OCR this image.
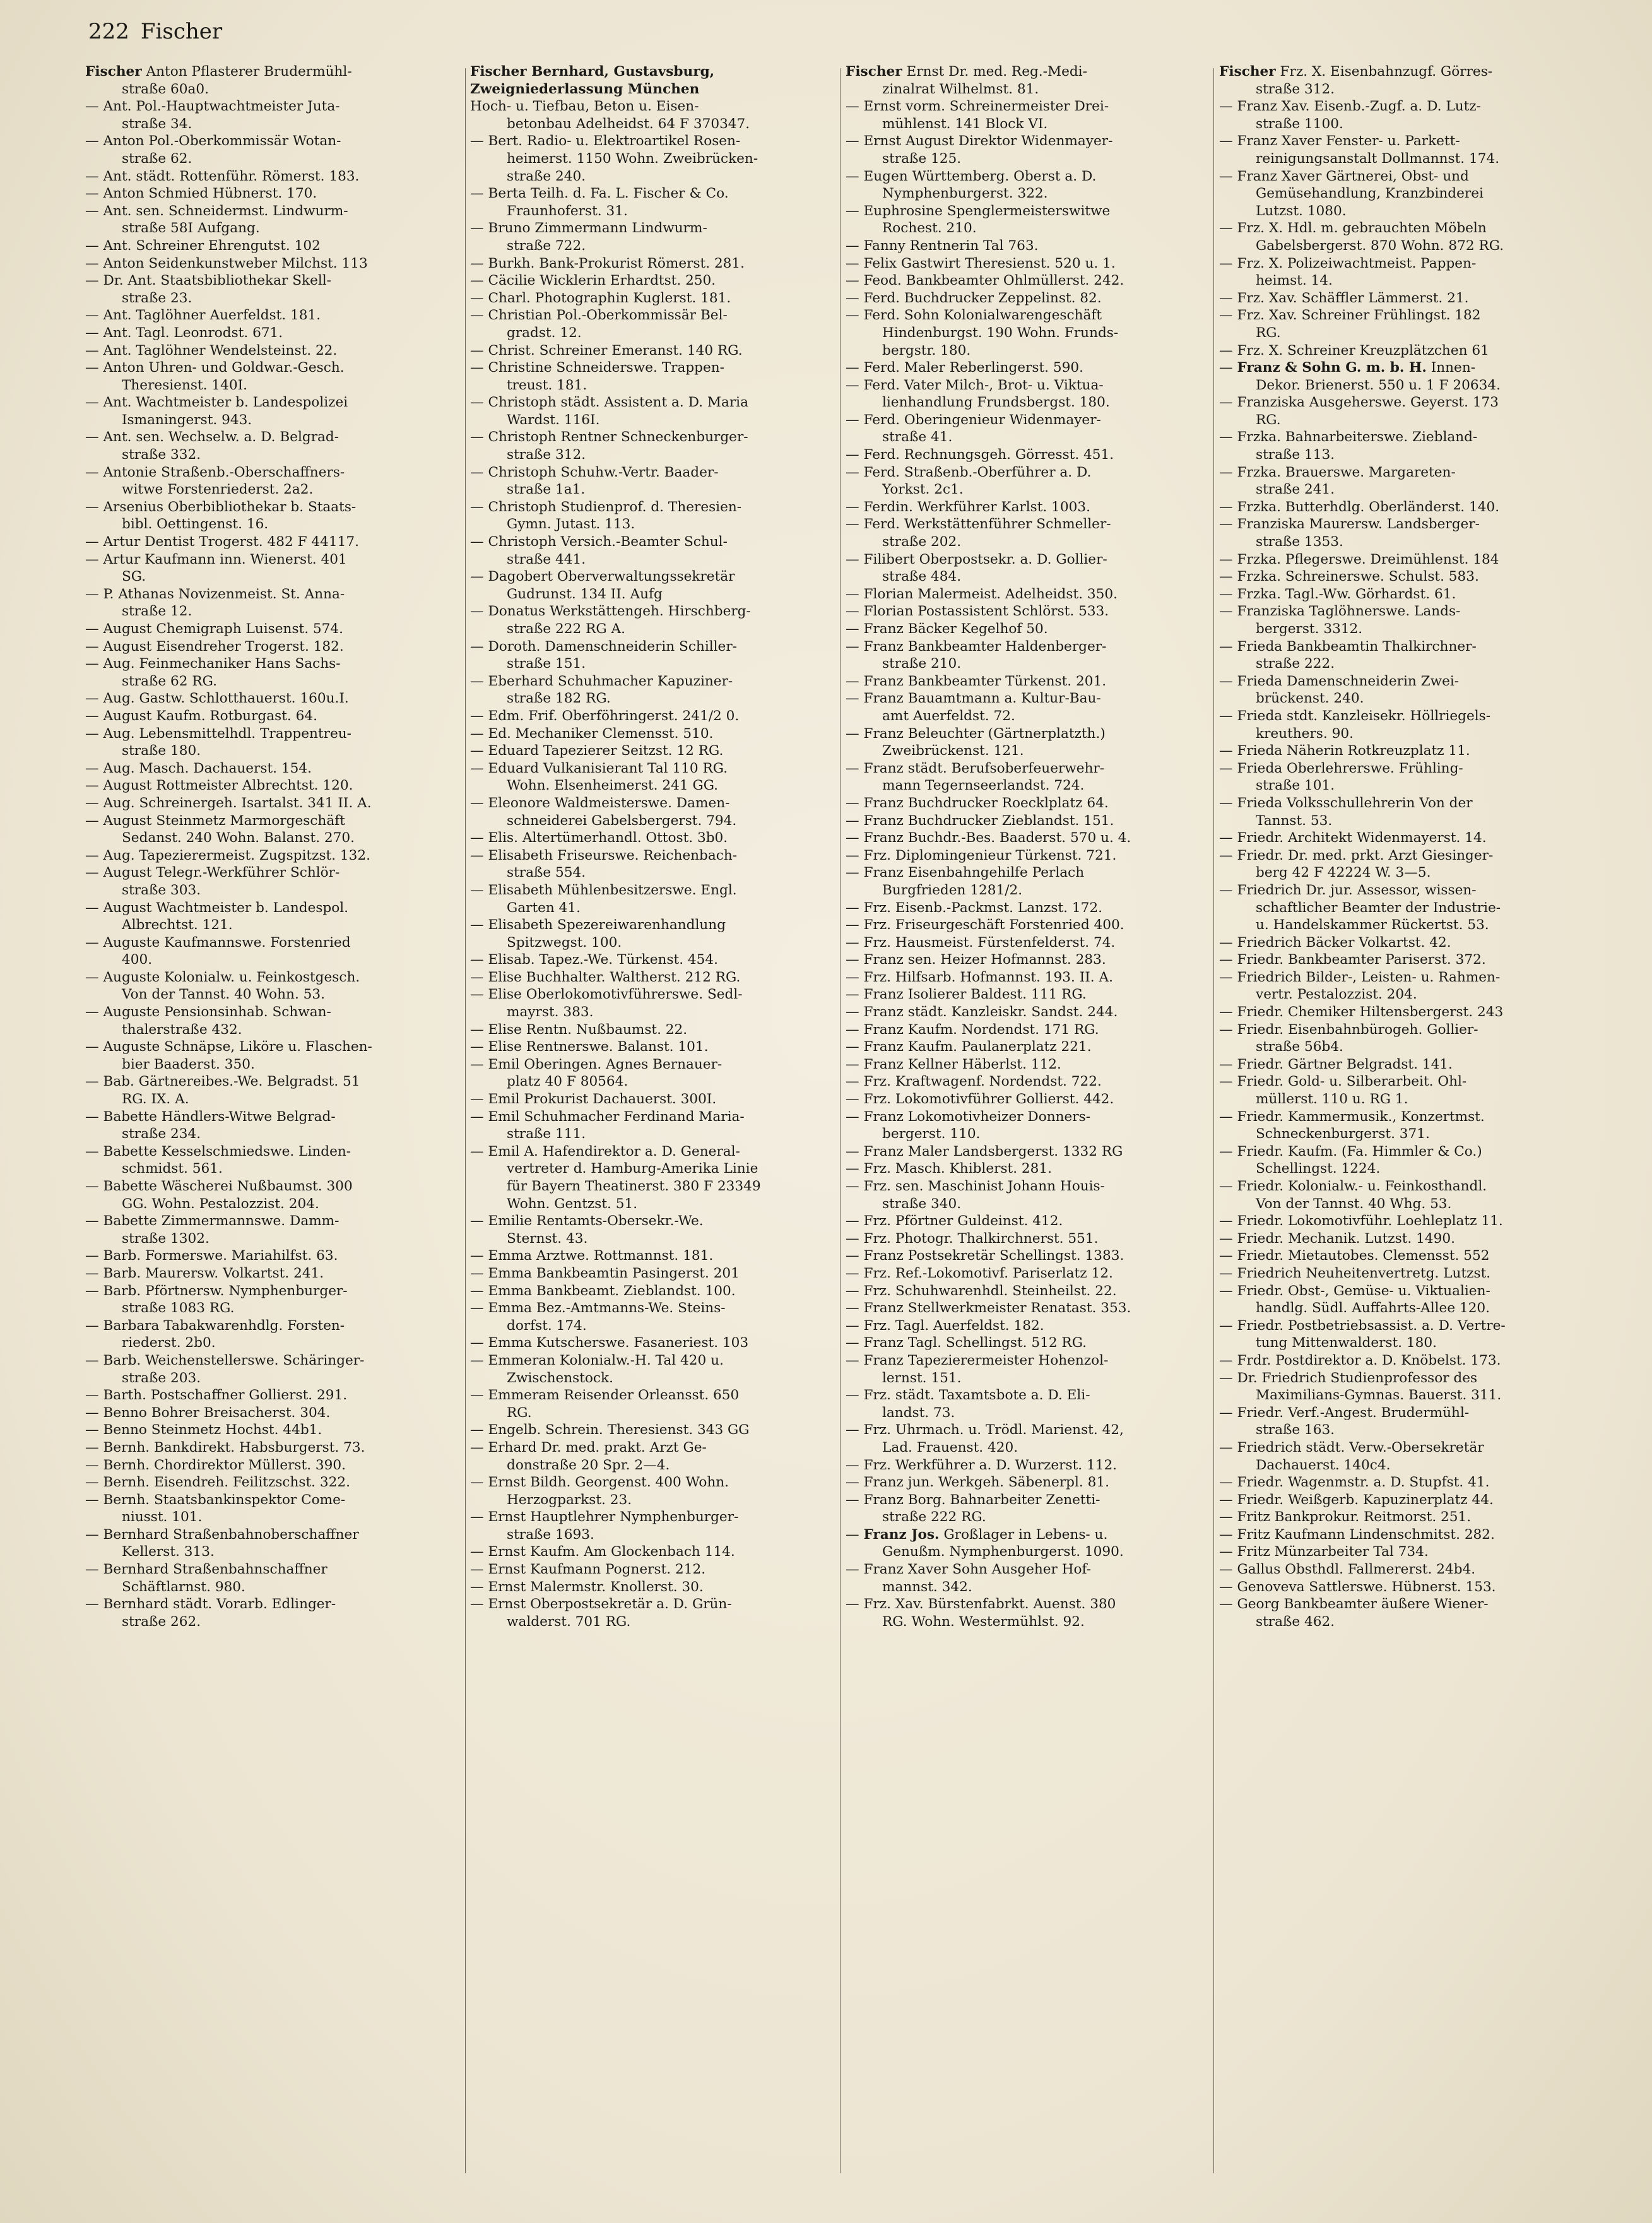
222 Fischer
Fischer Anton Pflasterer Brudermühl-
straße 60a0.
— Ant. Pol.-Hauptwachtmeister Juta-
straße 34.
— Anton Pol.-Oberkommissär Wotan-
straße 62.
— Ant. städt. Rottenführ. Römerst. 183.
— Anton Schmied Hübnerst. 170.
— Ant. sen. Schneidermst. Lindwurm-
straße 58I Aufgang.
— Ant. Schreiner Ehrengutst. 102
— Anton Seidenkunstweber Milchst. 113
— Dr. Ant. Staatsbibliothekar Skell-
straße 23.
— Ant. Taglöhner Auerfeldst. 181.
— Ant. Tagl. Leonrodst. 671.
— Ant. Taglöhner Wendelsteinst. 22.
— Anton Uhren- und Goldwar.-Gesch.
Theresienst. 140I.
— Ant. Wachtmeister b. Landespolizei
Ismaningerst. 943.
— Ant. sen. Wechselw. a. D. Belgrad-
straße 332.
— Antonie Straßenb.-Oberschaffners-
witwe Forstenriederst. 2a2.
— Arsenius Oberbibliothekar b. Staats-
bibl. Oettingenst. 16.
— Artur Dentist Trogerst. 482 F 44117.
— Artur Kaufmann inn. Wienerst. 401
SG.
— P. Athanas Novizenmeist. St. Anna-
straße 12.
— August Chemigraph Luisenst. 574.
— August Eisendreher Trogerst. 182.
— Aug. Feinmechaniker Hans Sachs-
straße 62 RG.
— Aug. Gastw. Schlotthauerst. 160u.I.
— August Kaufm. Rotburgast. 64.
— Aug. Lebensmittelhdl. Trappentreu-
straße 180.
— Aug. Masch. Dachauerst. 154.
— August Rottmeister Albrechtst. 120.
— Aug. Schreinergeh. Isartalst. 341 II. A.
— August Steinmetz Marmorgeschäft
Sedanst. 240 Wohn. Balanst. 270.
— Aug. Tapezierermeist. Zugspitzst. 132.
— August Telegr.-Werkführer Schlör-
straße 303.
— August Wachtmeister b. Landespol.
Albrechtst. 121.
— Auguste Kaufmannswe. Forstenried
400.
— Auguste Kolonialw. u. Feinkostgesch.
Von der Tannst. 40 Wohn. 53.
— Auguste Pensionsinhab. Schwan-
thalerstraße 432.
— Auguste Schnäpse, Liköre u. Flaschen-
bier Baaderst. 350.
— Bab. Gärtnereibes.-We. Belgradst. 51
RG. IX. A.
— Babette Händlers-Witwe Belgrad-
straße 234.
— Babette Kesselschmiedswe. Linden-
schmidst. 561.
— Babette Wäscherei Nußbaumst. 300
GG. Wohn. Pestalozzist. 204.
— Babette Zimmermannswe. Damm-
straße 1302.
— Barb. Formerswe. Mariahilfst. 63.
— Barb. Maurersw. Volkartst. 241.
— Barb. Pförtnersw. Nymphenburger-
straße 1083 RG.
— Barbara Tabakwarenhdlg. Forsten-
riederst. 2b0.
— Barb. Weichenstellerswe. Schäringer-
straße 203.
— Barth. Postschaffner Gollierst. 291.
— Benno Bohrer Breisacherst. 304.
— Benno Steinmetz Hochst. 44b1.
— Bernh. Bankdirekt. Habsburgerst. 73.
— Bernh. Chordirektor Müllerst. 390.
— Bernh. Eisendreh. Feilitzschst. 322.
— Bernh. Staatsbankinspektor Come-
niusst. 101.
— Bernhard Straßenbahnoberschaffner
Kellerst. 313.
— Bernhard Straßenbahnschaffner
Schäftlarnst. 980.
— Bernhard städt. Vorarb. Edlinger-
straße 262.
Fischer Bernhard, Gustavsburg,
Zweigniederlassung München
Hoch- u. Tiefbau, Beton u. Eisen-
betonbau Adelheidst. 64 F 370347.
— Bert. Radio- u. Elektroartikel Rosen-
heimerst. 1150 Wohn. Zweibrücken-
straße 240.
— Berta Teilh. d. Fa. L. Fischer & Co.
Fraunhoferst. 31.
— Bruno Zimmermann Lindwurm-
straße 722.
— Burkh. Bank-Prokurist Römerst. 281.
— Cäcilie Wicklerin Erhardtst. 250.
— Charl. Photographin Kuglerst. 181.
— Christian Pol.-Oberkommissär Bel-
gradst. 12.
— Christ. Schreiner Emeranst. 140 RG.
— Christine Schneiderswe. Trappen-
treust. 181.
— Christoph städt. Assistent a. D. Maria
Wardst. 116I.
— Christoph Rentner Schneckenburger-
straße 312.
— Christoph Schuhw.-Vertr. Baader-
straße 1a1.
— Christoph Studienprof. d. Theresien-
Gymn. Jutast. 113.
— Christoph Versich.-Beamter Schul-
straße 441.
— Dagobert Oberverwaltungssekretär
Gudrunst. 134 II. Aufg
— Donatus Werkstättengeh. Hirschberg-
straße 222 RG A.
— Doroth. Damenschneiderin Schiller-
straße 151.
— Eberhard Schuhmacher Kapuziner-
straße 182 RG.
— Edm. Frif. Oberföhringerst. 241/2 0.
— Ed. Mechaniker Clemensst. 510.
— Eduard Tapezierer Seitzst. 12 RG.
— Eduard Vulkanisierant Tal 110 RG.
Wohn. Elsenheimerst. 241 GG.
— Eleonore Waldmeisterswe. Damen-
schneiderei Gabelsbergerst. 794.
— Elis. Altertümerhandl. Ottost. 3b0.
— Elisabeth Friseurswe. Reichenbach-
straße 554.
— Elisabeth Mühlenbesitzerswe. Engl.
Garten 41.
— Elisabeth Spezereiwarenhandlung
Spitzwegst. 100.
— Elisab. Tapez.-We. Türkenst. 454.
— Elise Buchhalter. Waltherst. 212 RG.
— Elise Oberlokomotivführerswe. Sedl-
mayrst. 383.
— Elise Rentn. Nußbaumst. 22.
— Elise Rentnerswe. Balanst. 101.
— Emil Oberingen. Agnes Bernauer-
platz 40 F 80564.
— Emil Prokurist Dachauerst. 300I.
— Emil Schuhmacher Ferdinand Maria-
straße 111.
— Emil A. Hafendirektor a. D. General-
vertreter d. Hamburg-Amerika Linie
für Bayern Theatinerst. 380 F 23349
Wohn. Gentzst. 51.
— Emilie Rentamts-Obersekr.-We.
Sternst. 43.
— Emma Arztwe. Rottmannst. 181.
— Emma Bankbeamtin Pasingerst. 201
— Emma Bankbeamt. Zieblandst. 100.
— Emma Bez.-Amtmanns-We. Steins-
dorfst. 174.
— Emma Kutscherswe. Fasaneriest. 103
— Emmeran Kolonialw.-H. Tal 420 u.
Zwischenstock.
— Emmeram Reisender Orleansst. 650
RG.
— Engelb. Schrein. Theresienst. 343 GG
— Erhard Dr. med. prakt. Arzt Ge-
donstraße 20 Spr. 2—4.
— Ernst Bildh. Georgenst. 400 Wohn.
Herzogparkst. 23.
— Ernst Hauptlehrer Nymphenburger-
straße 1693.
— Ernst Kaufm. Am Glockenbach 114.
— Ernst Kaufmann Pognerst. 212.
— Ernst Malermstr. Knollerst. 30.
— Ernst Oberpostsekretär a. D. Grün-
walderst. 701 RG.
Fischer Ernst Dr. med. Reg.-Medi-
zinalrat Wilhelmst. 81.
— Ernst vorm. Schreinermeister Drei-
mühlenst. 141 Block VI.
— Ernst August Direktor Widenmayer-
straße 125.
— Eugen Württemberg. Oberst a. D.
Nymphenburgerst. 322.
— Euphrosine Spenglermeisterswitwe
Rochest. 210.
— Fanny Rentnerin Tal 763.
— Felix Gastwirt Theresienst. 520 u. 1.
— Feod. Bankbeamter Ohlmüllerst. 242.
— Ferd. Buchdrucker Zeppelinst. 82.
— Ferd. Sohn Kolonialwarengeschäft
Hindenburgst. 190 Wohn. Frunds-
bergstr. 180.
— Ferd. Maler Reberlingerst. 590.
— Ferd. Vater Milch-, Brot- u. Viktua-
lienhandlung Frundsbergst. 180.
— Ferd. Oberingenieur Widenmayer-
straße 41.
— Ferd. Rechnungsgeh. Görresst. 451.
— Ferd. Straßenb.-Oberführer a. D.
Yorkst. 2c1.
— Ferdin. Werkführer Karlst. 1003.
— Ferd. Werkstättenführer Schmeller-
straße 202.
— Filibert Oberpostsekr. a. D. Gollier-
straße 484.
— Florian Malermeist. Adelheidst. 350.
— Florian Postassistent Schlörst. 533.
— Franz Bäcker Kegelhof 50.
— Franz Bankbeamter Haldenberger-
straße 210.
— Franz Bankbeamter Türkenst. 201.
— Franz Bauamtmann a. Kultur-Bau-
amt Auerfeldst. 72.
— Franz Beleuchter (Gärtnerplatzth.)
Zweibrückenst. 121.
— Franz städt. Berufsoberfeuerwehr-
mann Tegernseerlandst. 724.
— Franz Buchdrucker Roecklplatz 64.
— Franz Buchdrucker Zieblandst. 151.
— Franz Buchdr.-Bes. Baaderst. 570 u. 4.
— Frz. Diplomingenieur Türkenst. 721.
— Franz Eisenbahngehilfe Perlach
Burgfrieden 1281/2.
— Frz. Eisenb.-Packmst. Lanzst. 172.
— Frz. Friseurgeschäft Forstenried 400.
— Frz. Hausmeist. Fürstenfelderst. 74.
— Franz sen. Heizer Hofmannst. 283.
— Frz. Hilfsarb. Hofmannst. 193. II. A.
— Franz Isolierer Baldest. 111 RG.
— Franz städt. Kanzleiskr. Sandst. 244.
— Franz Kaufm. Nordendst. 171 RG.
— Franz Kaufm. Paulanerplatz 221.
— Franz Kellner Häberlst. 112.
— Frz. Kraftwagenf. Nordendst. 722.
— Frz. Lokomotivführer Gollierst. 442.
— Franz Lokomotivheizer Donners-
bergerst. 110.
— Franz Maler Landsbergerst. 1332 RG
— Frz. Masch. Khiblerst. 281.
— Frz. sen. Maschinist Johann Houis-
straße 340.
— Frz. Pförtner Guldeinst. 412.
— Frz. Photogr. Thalkirchnerst. 551.
— Franz Postsekretär Schellingst. 1383.
— Frz. Ref.-Lokomotivf. Pariserlatz 12.
— Frz. Schuhwarenhdl. Steinheilst. 22.
— Franz Stellwerkmeister Renatast. 353.
— Frz. Tagl. Auerfeldst. 182.
— Franz Tagl. Schellingst. 512 RG.
— Franz Tapezierermeister Hohenzol-
lernst. 151.
— Frz. städt. Taxamtsbote a. D. Eli-
landst. 73.
— Frz. Uhrmach. u. Trödl. Marienst. 42,
Lad. Frauenst. 420.
— Frz. Werkführer a. D. Wurzerst. 112.
— Franz jun. Werkgeh. Säbenerpl. 81.
— Franz Borg. Bahnarbeiter Zenetti-
straße 222 RG.
— Franz Jos. Großlager in Lebens- u.
Genußm. Nymphenburgerst. 1090.
— Franz Xaver Sohn Ausgeher Hof-
mannst. 342.
— Frz. Xav. Bürstenfabrkt. Auenst. 380
RG. Wohn. Westermühlst. 92.
Fischer Frz. X. Eisenbahnzugf. Görres-
straße 312.
— Franz Xav. Eisenb.-Zugf. a. D. Lutz-
straße 1100.
— Franz Xaver Fenster- u. Parkett-
reinigungsanstalt Dollmannst. 174.
— Franz Xaver Gärtnerei, Obst- und
Gemüsehandlung, Kranzbinderei
Lutzst. 1080.
— Frz. X. Hdl. m. gebrauchten Möbeln
Gabelsbergerst. 870 Wohn. 872 RG.
— Frz. X. Polizeiwachtmeist. Pappen-
heimst. 14.
— Frz. Xav. Schäffler Lämmerst. 21.
— Frz. Xav. Schreiner Frühlingst. 182
RG.
— Frz. X. Schreiner Kreuzplätzchen 61
— Franz & Sohn G. m. b. H. Innen-
Dekor. Brienerst. 550 u. 1 F 20634.
— Franziska Ausgeherswe. Geyerst. 173
RG.
— Frzka. Bahnarbeiterswe. Ziebland-
straße 113.
— Frzka. Brauerswe. Margareten-
straße 241.
— Frzka. Butterhdlg. Oberländerst. 140.
— Franziska Maurersw. Landsberger-
straße 1353.
— Frzka. Pflegerswe. Dreimühlenst. 184
— Frzka. Schreinerswe. Schulst. 583.
— Frzka. Tagl.-Ww. Görhardst. 61.
— Franziska Taglöhnerswe. Lands-
bergerst. 3312.
— Frieda Bankbeamtin Thalkirchner-
straße 222.
— Frieda Damenschneiderin Zwei-
brückenst. 240.
— Frieda stdt. Kanzleisekr. Höllriegels-
kreuthers. 90.
— Frieda Näherin Rotkreuzplatz 11.
— Frieda Oberlehrerswe. Frühling-
straße 101.
— Frieda Volksschullehrerin Von der
Tannst. 53.
— Friedr. Architekt Widenmayerst. 14.
— Friedr. Dr. med. prkt. Arzt Giesinger-
berg 42 F 42224 W. 3—5.
— Friedrich Dr. jur. Assessor, wissen-
schaftlicher Beamter der Industrie-
u. Handelskammer Rückertst. 53.
— Friedrich Bäcker Volkartst. 42.
— Friedr. Bankbeamter Pariserst. 372.
— Friedrich Bilder-, Leisten- u. Rahmen-
vertr. Pestalozzist. 204.
— Friedr. Chemiker Hiltensbergerst. 243
— Friedr. Eisenbahnbürogeh. Gollier-
straße 56b4.
— Friedr. Gärtner Belgradst. 141.
— Friedr. Gold- u. Silberarbeit. Ohl-
müllerst. 110 u. RG 1.
— Friedr. Kammermusik., Konzertmst.
Schneckenburgerst. 371.
— Friedr. Kaufm. (Fa. Himmler & Co.)
Schellingst. 1224.
— Friedr. Kolonialw.- u. Feinkosthandl.
Von der Tannst. 40 Whg. 53.
— Friedr. Lokomotivführ. Loehleplatz 11.
— Friedr. Mechanik. Lutzst. 1490.
— Friedr. Mietautobes. Clemensst. 552
— Friedrich Neuheitenvertretg. Lutzst.
— Friedr. Obst-, Gemüse- u. Viktualien-
handlg. Südl. Auffahrts-Allee 120.
— Friedr. Postbetriebsassist. a. D. Vertre-
tung Mittenwalderst. 180.
— Frdr. Postdirektor a. D. Knöbelst. 173.
— Dr. Friedrich Studienprofessor des
Maximilians-Gymnas. Bauerst. 311.
— Friedr. Verf.-Angest. Brudermühl-
straße 163.
— Friedrich städt. Verw.-Obersekretär
Dachauerst. 140c4.
— Friedr. Wagenmstr. a. D. Stupfst. 41.
— Friedr. Weißgerb. Kapuzinerplatz 44.
— Fritz Bankprokur. Reitmorst. 251.
— Fritz Kaufmann Lindenschmitst. 282.
— Fritz Münzarbeiter Tal 734.
— Gallus Obsthdl. Fallmererst. 24b4.
— Genoveva Sattlerswe. Hübnerst. 153.
— Georg Bankbeamter äußere Wiener-
straße 462.
